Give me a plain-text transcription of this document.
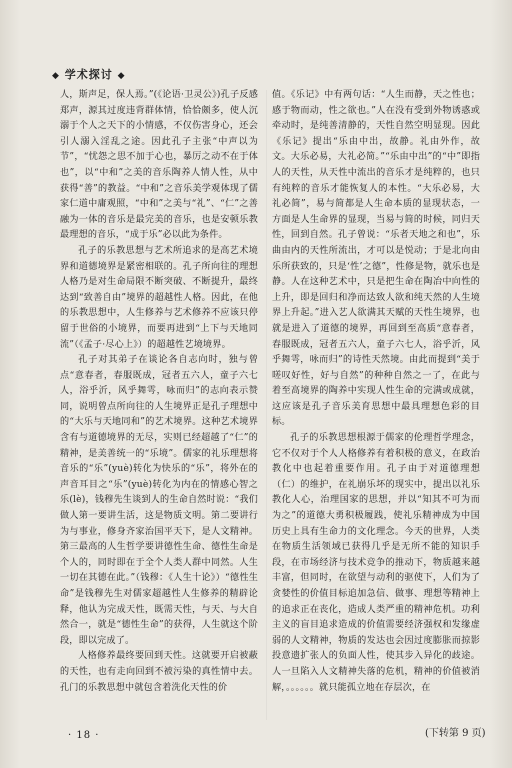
◆ 学术探讨 ◆

人，斯声足，保人焉。”(《论语·卫灵公》)孔子反感郑声，源其过度违背群体情，恰恰颇多，使人沉溺于个人之天下的小情感，不仅伤害身心，还会引人溺入淫乱之途。因此孔子主张“中声以为节”，“忧怨之思不加于心也，暴厉之动不在于体也”，以“中和”之美的音乐陶养人情人性，从中获得“善”的教益。“中和”之音乐美学观体现了儒家仁道中庸观照，“中和”之美与“礼”、“仁”之善融为一体的音乐是最完美的音乐，也是安顿乐教最理想的音乐，“成于乐”必以此为条件。

孔子的乐教思想与艺术所追求的是高艺术境界和道德境界是紧密相联的。孔子所向往的理想人格乃是对生命局限不断突破、不断提升，最终达到“致善自由”境界的超越性人格。因此，在他的乐教思想中，人生修养与艺术修养不应该只停留于世俗的小境界，而要再进到“上下与天地同流”（《孟子·尽心上》）的超越性艺境境界。

孔子对其弟子在谈论各自志向时，独与曾点“意春者，春服既成，冠者五六人，童子六七人，浴乎沂，风乎舞雩，咏而归”的志向表示赞同，说明曾点所向往的人生境界正是孔子理想中的“大乐与天地同和”的艺术境界。这种艺术境界含有与道德境界的无尽，实则已经超越了“仁”的精神，是美善统一的“乐境”。儒家的礼乐理想将音乐的“乐”(yuè)转化为快乐的“乐”，将外在的声音耳目之“乐”(yuè)转化为内在的情感心智之乐(lè)，钱穆先生谈到人的生命自然时说：“我们做人第一要讲生活，这是物质文明。第二要讲行为与事业，修身齐家治国平天下，是人文精神。第三最高的人生哲学要讲德性生命、德性生命是个人的，同时即在于全个人类人群中同然。人生一切在其德在此。”（钱穆：《人生十论》）“德性生命”是钱穆先生对儒家超越性人生修养的精辟论释，他认为完成天性，既需天性，与天、与大自然合一，就是“德性生命”的获得，人生就这个阶段，即以完成了。

人格修养最终要回到天性。这就要开启被蔽的天性，也有走向回到不被污染的真性情中去。孔门的乐教思想中就包含着洗化天性的价

值。《乐记》中有两句话：“人生而静，天之性也；感于物而动，性之欲也。”人在没有受到外物诱惑或牵动时，是纯善清静的，天性自然空明显现。因此《乐记》提出“乐由中出，故静。礼由外作，故文。大乐必易，大礼必简。”“乐由中出”的“中”即指人的天性，从天性中流出的音乐才是纯粹的，也只有纯粹的音乐才能恢复人的本性。“大乐必易，大礼必简”，易与简都是人生命本质的显现状态，一方面是人生命界的显现，当易与简的时候，同归天性，回到自然。孔子曾说：“乐者天地之和也”，乐曲由内的天性所流出，才可以是悦动；于是北向由乐所获致的，只是‘性’之德”，性修是物，就乐也是静。人在这种艺术中，只是把生命在陶冶中向性的上升，即是回归和净而达致人欲和纯天然的人生境界上升起。”进入艺人欲满其天赋的天性生境界，也就是进入了道德的境界，再回到至高质“意春者，春服既成，冠者五六人，童子六七人，浴乎沂，风乎舞雩，咏而归”的诗性天然境。由此而提到“美于嗟叹好性，好与自然”的种种自然之一了，在此与着至高境界的陶养中实现人性生命的完满或成就，这应该是孔子音乐美育思想中最具理想色彩的目标。

孔子的乐教思想根源于儒家的伦理哲学理念，它不仅对于个人人格修养有着积极的意义，在政治教化中也起着重要作用。孔子由于对道德理想（仁）的维护，在礼崩乐坏的现实中，提出以礼乐教化人心，治理国家的思想，并以“知其不可为而为之”的道德大勇积极履践，使礼乐精神成为中国历史上具有生命力的文化理念。今天的世界，人类在物质生活领域已获得几乎是无所不能的知识手段，在市场经济与技术竞争的推动下，物质越来越丰富，但同时，在欲望与动利的驱使下，人们为了贪婪性的价值目标追加急信、做事、理想等精神上的追求正在丧化，造成人类严重的精神危机。功利主义的盲目追求造成的价值需要经济强权和发缘虚弱的人文精神，物质的发达也会因过度膨胀而掠影投意遗扩张人的负面人性，使其步入异化的歧途。人一旦陷入人文精神失落的危机，精神的价值被消解，。。。。。。就只能孤立地在存层次，在

· 18 ·	(下转第 9 页)
